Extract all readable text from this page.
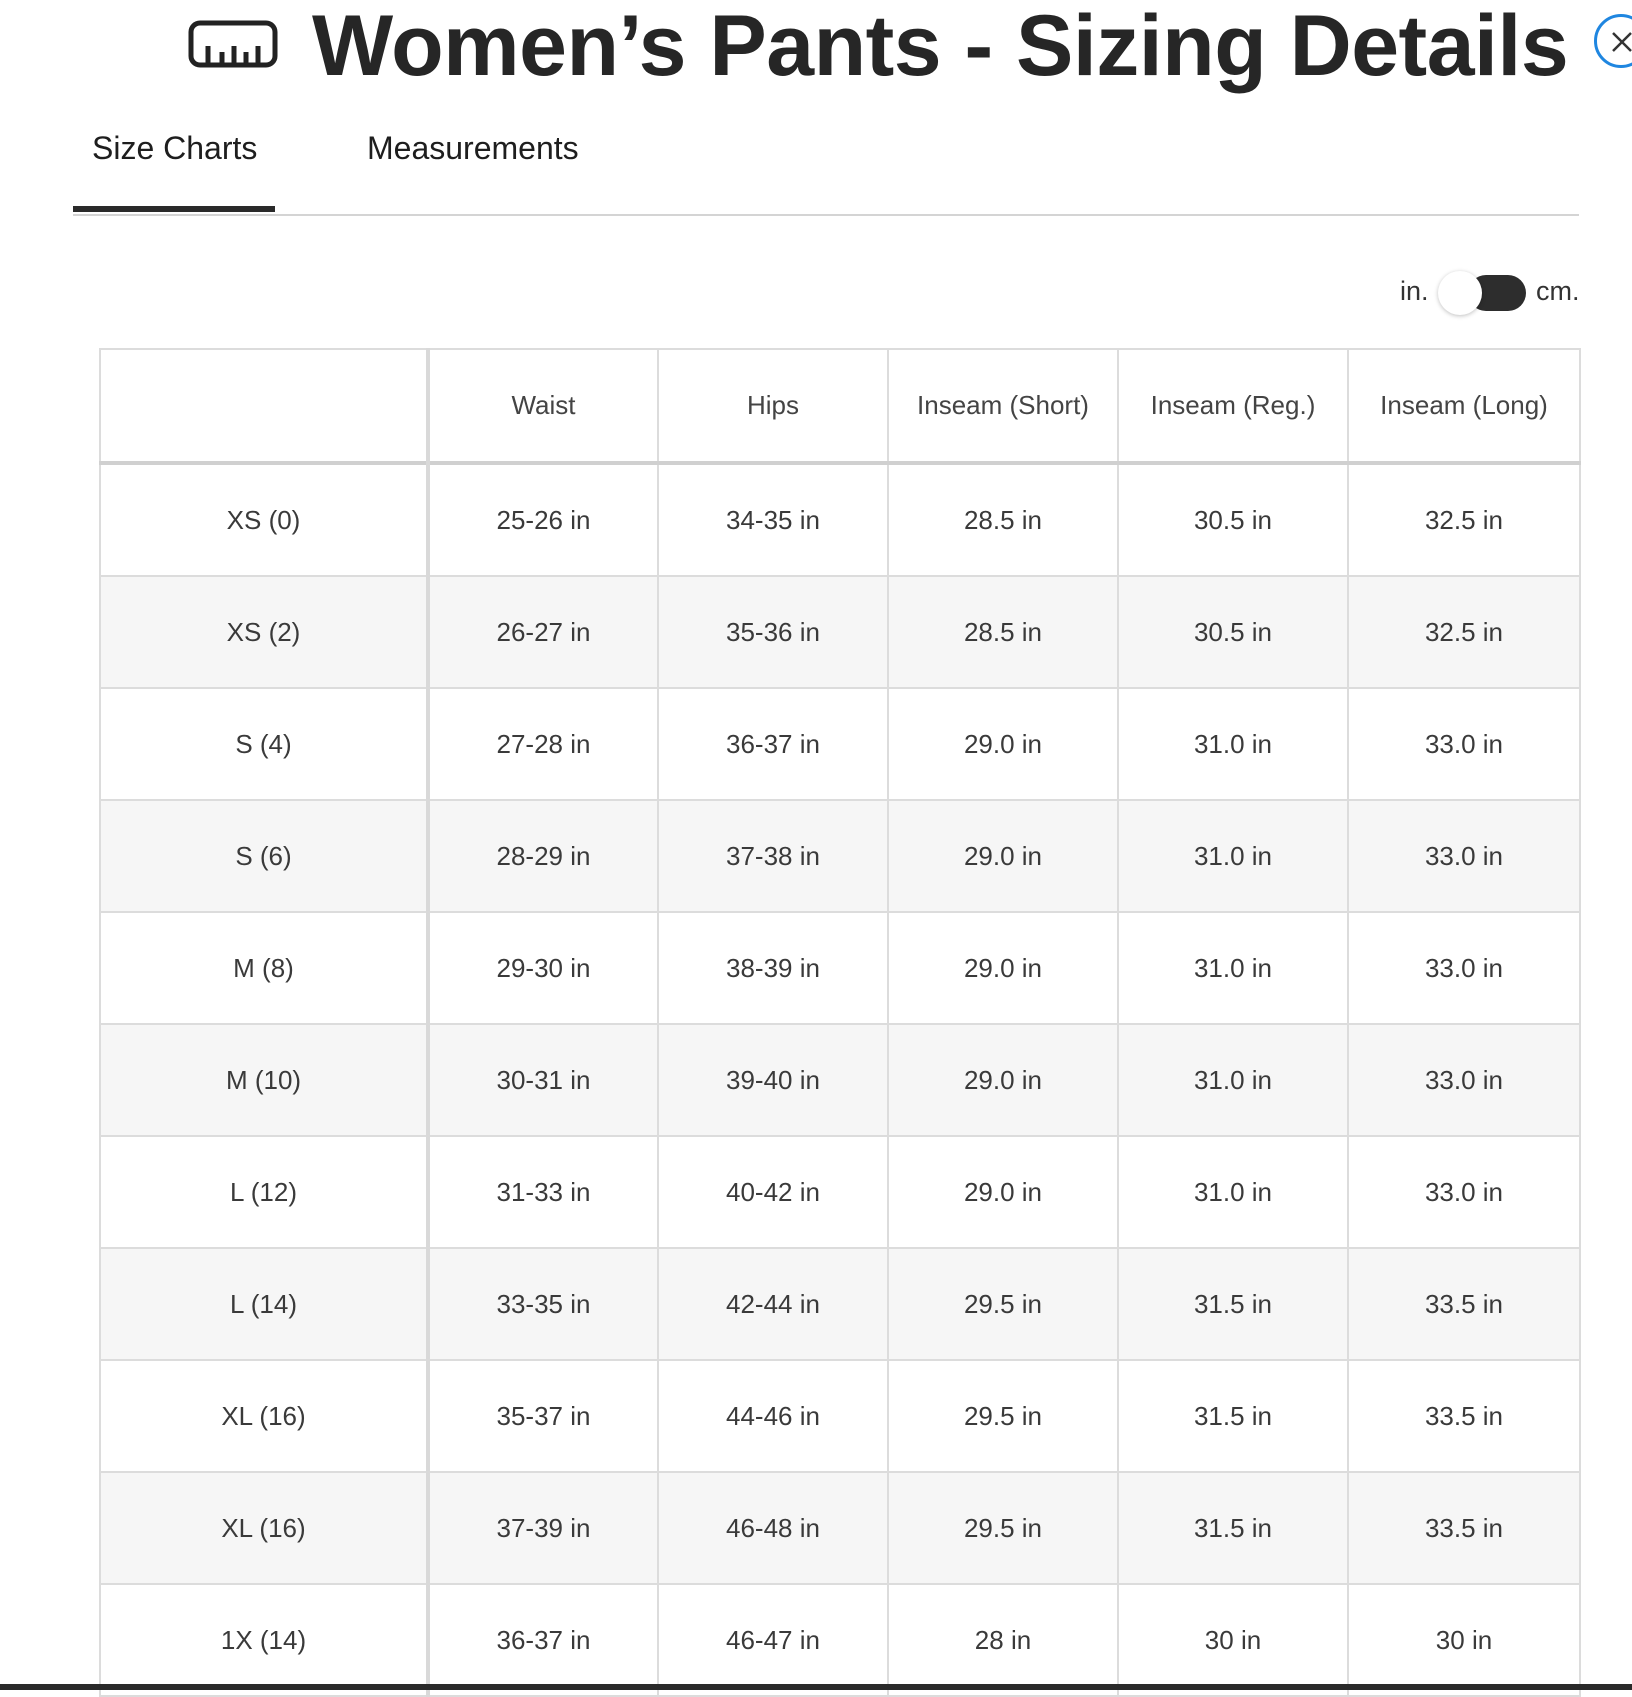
Women’s Pants - Sizing Details
Size Charts	Measurements
in.	cm.
	Waist	Hips	Inseam (Short)	Inseam (Reg.)	Inseam (Long)
XS (0)	25-26 in	34-35 in	28.5 in	30.5 in	32.5 in
XS (2)	26-27 in	35-36 in	28.5 in	30.5 in	32.5 in
S (4)	27-28 in	36-37 in	29.0 in	31.0 in	33.0 in
S (6)	28-29 in	37-38 in	29.0 in	31.0 in	33.0 in
M (8)	29-30 in	38-39 in	29.0 in	31.0 in	33.0 in
M (10)	30-31 in	39-40 in	29.0 in	31.0 in	33.0 in
L (12)	31-33 in	40-42 in	29.0 in	31.0 in	33.0 in
L (14)	33-35 in	42-44 in	29.5 in	31.5 in	33.5 in
XL (16)	35-37 in	44-46 in	29.5 in	31.5 in	33.5 in
XL (16)	37-39 in	46-48 in	29.5 in	31.5 in	33.5 in
1X (14)	36-37 in	46-47 in	28 in	30 in	30 in
